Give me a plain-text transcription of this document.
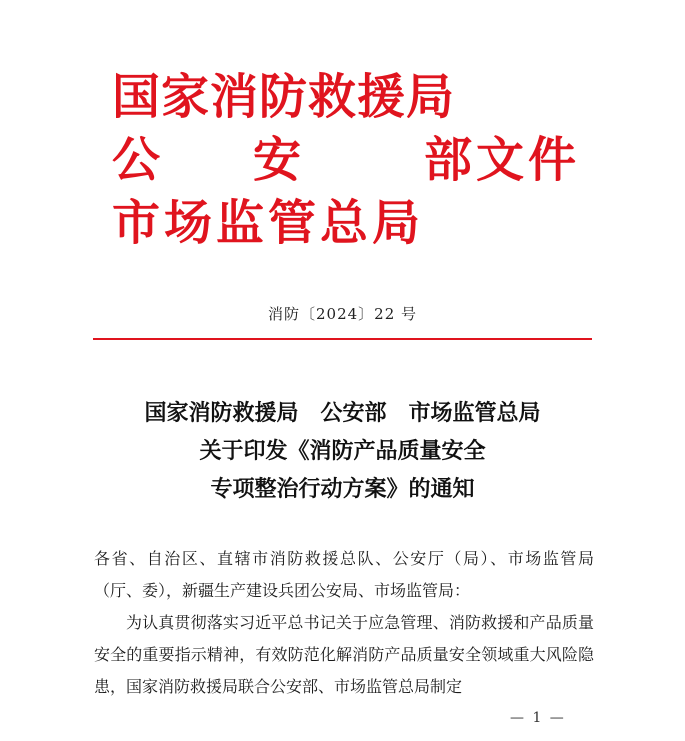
国家消防救援局
公 安	部 文 件
市场监管总局
消防〔2024〕22 号
国家消防救援局　公安部　市场监管总局
关于印发《消防产品质量安全
专项整治行动方案》的通知

各省、自治区、直辖市消防救援总队、公安厅（局）、市场监管局（厅、委），新疆生产建设兵团公安局、市场监管局：

为认真贯彻落实习近平总书记关于应急管理、消防救援和产品质量安全的重要指示精神，有效防范化解消防产品质量安全领域重大风险隐患，国家消防救援局联合公安部、市场监管总局制定

— 1 —
